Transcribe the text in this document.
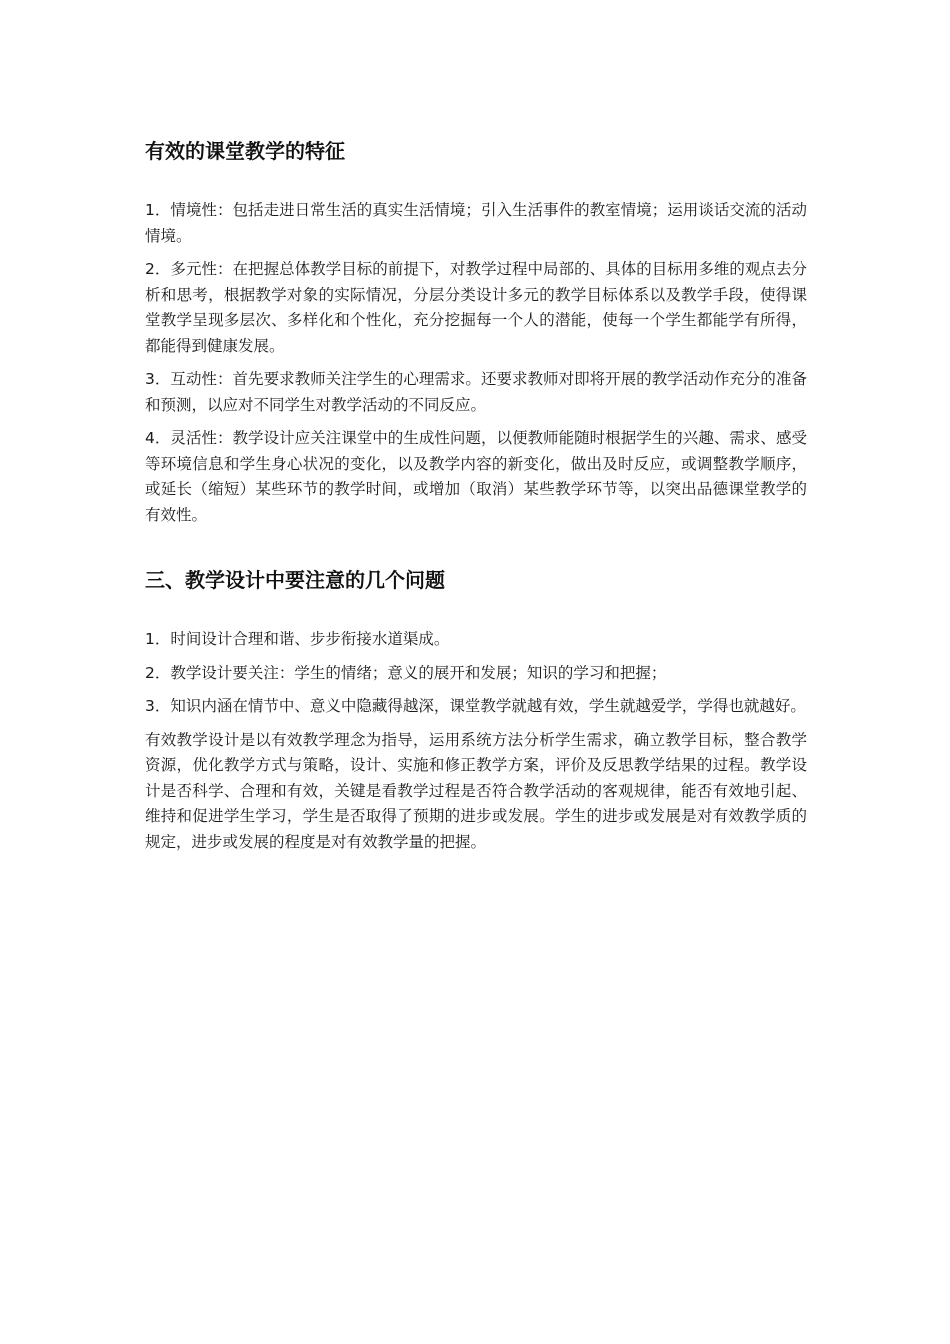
有效的课堂教学的特征

1．情境性：包括走进日常生活的真实生活情境；引入生活事件的教室情境；运用谈话交流的活动情境。

2．多元性：在把握总体教学目标的前提下，对教学过程中局部的、具体的目标用多维的观点去分析和思考，根据教学对象的实际情况，分层分类设计多元的教学目标体系以及教学手段，使得课堂教学呈现多层次、多样化和个性化，充分挖掘每一个人的潜能，使每一个学生都能学有所得，都能得到健康发展。

3．互动性：首先要求教师关注学生的心理需求。还要求教师对即将开展的教学活动作充分的准备和预测，以应对不同学生对教学活动的不同反应。

4．灵活性：教学设计应关注课堂中的生成性问题，以便教师能随时根据学生的兴趣、需求、感受等环境信息和学生身心状况的变化，以及教学内容的新变化，做出及时反应，或调整教学顺序，或延长（缩短）某些环节的教学时间，或增加（取消）某些教学环节等，以突出品德课堂教学的有效性。

三、教学设计中要注意的几个问题

1．时间设计合理和谐、步步衔接水道渠成。

2．教学设计要关注：学生的情绪；意义的展开和发展；知识的学习和把握；

3．知识内涵在情节中、意义中隐藏得越深，课堂教学就越有效，学生就越爱学，学得也就越好。

有效教学设计是以有效教学理念为指导，运用系统方法分析学生需求，确立教学目标，整合教学资源，优化教学方式与策略，设计、实施和修正教学方案，评价及反思教学结果的过程。教学设计是否科学、合理和有效，关键是看教学过程是否符合教学活动的客观规律，能否有效地引起、维持和促进学生学习，学生是否取得了预期的进步或发展。学生的进步或发展是对有效教学质的规定，进步或发展的程度是对有效教学量的把握。
